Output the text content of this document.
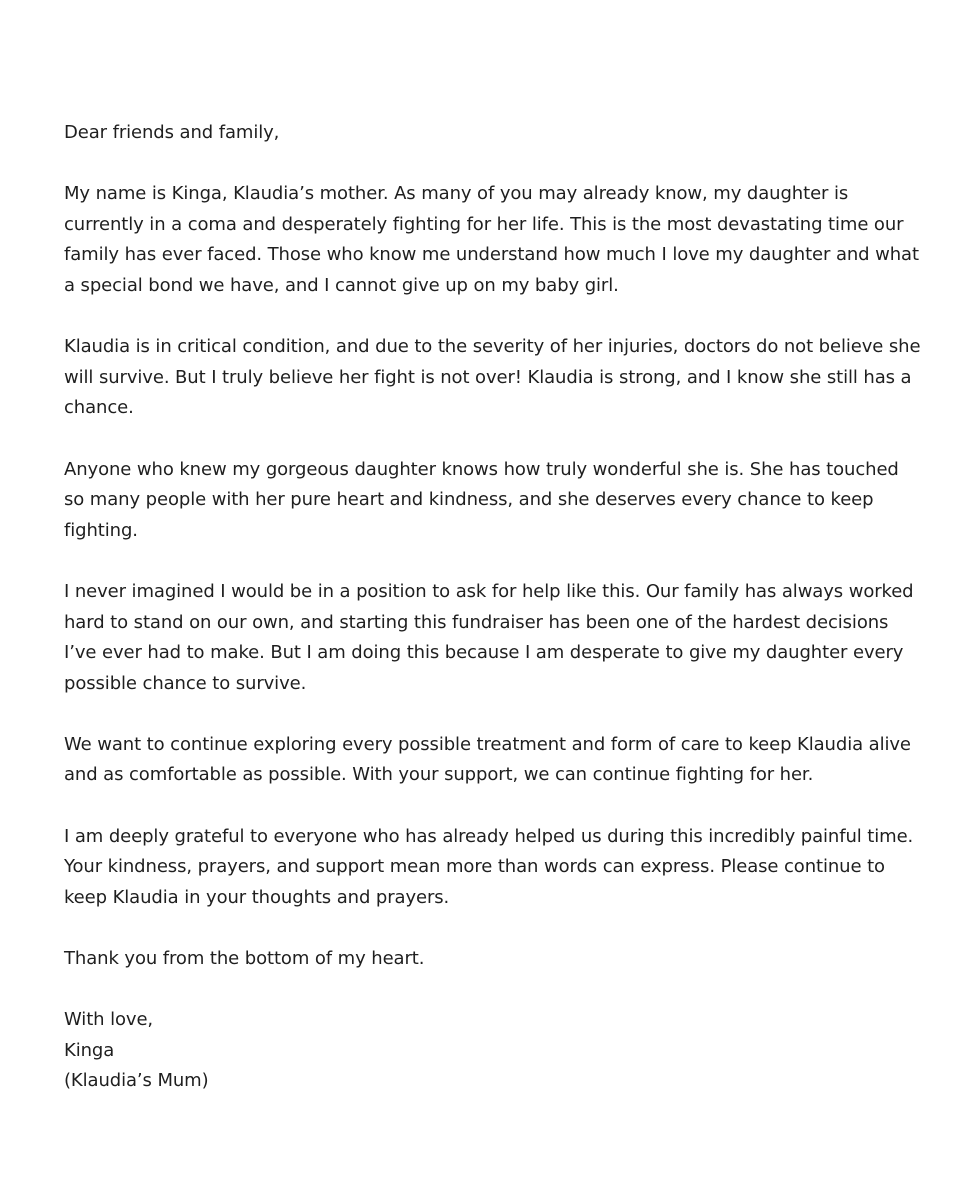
Dear friends and family,

My name is Kinga, Klaudia’s mother. As many of you may already know, my daughter is currently in a coma and desperately fighting for her life. This is the most devastating time our family has ever faced. Those who know me understand how much I love my daughter and what a special bond we have, and I cannot give up on my baby girl.

Klaudia is in critical condition, and due to the severity of her injuries, doctors do not believe she will survive. But I truly believe her fight is not over! Klaudia is strong, and I know she still has a chance.

Anyone who knew my gorgeous daughter knows how truly wonderful she is. She has touched so many people with her pure heart and kindness, and she deserves every chance to keep fighting.

I never imagined I would be in a position to ask for help like this. Our family has always worked hard to stand on our own, and starting this fundraiser has been one of the hardest decisions I’ve ever had to make. But I am doing this because I am desperate to give my daughter every possible chance to survive.

We want to continue exploring every possible treatment and form of care to keep Klaudia alive and as comfortable as possible. With your support, we can continue fighting for her.

I am deeply grateful to everyone who has already helped us during this incredibly painful time. Your kindness, prayers, and support mean more than words can express. Please continue to keep Klaudia in your thoughts and prayers.

Thank you from the bottom of my heart.

With love,
Kinga
(Klaudia’s Mum)
